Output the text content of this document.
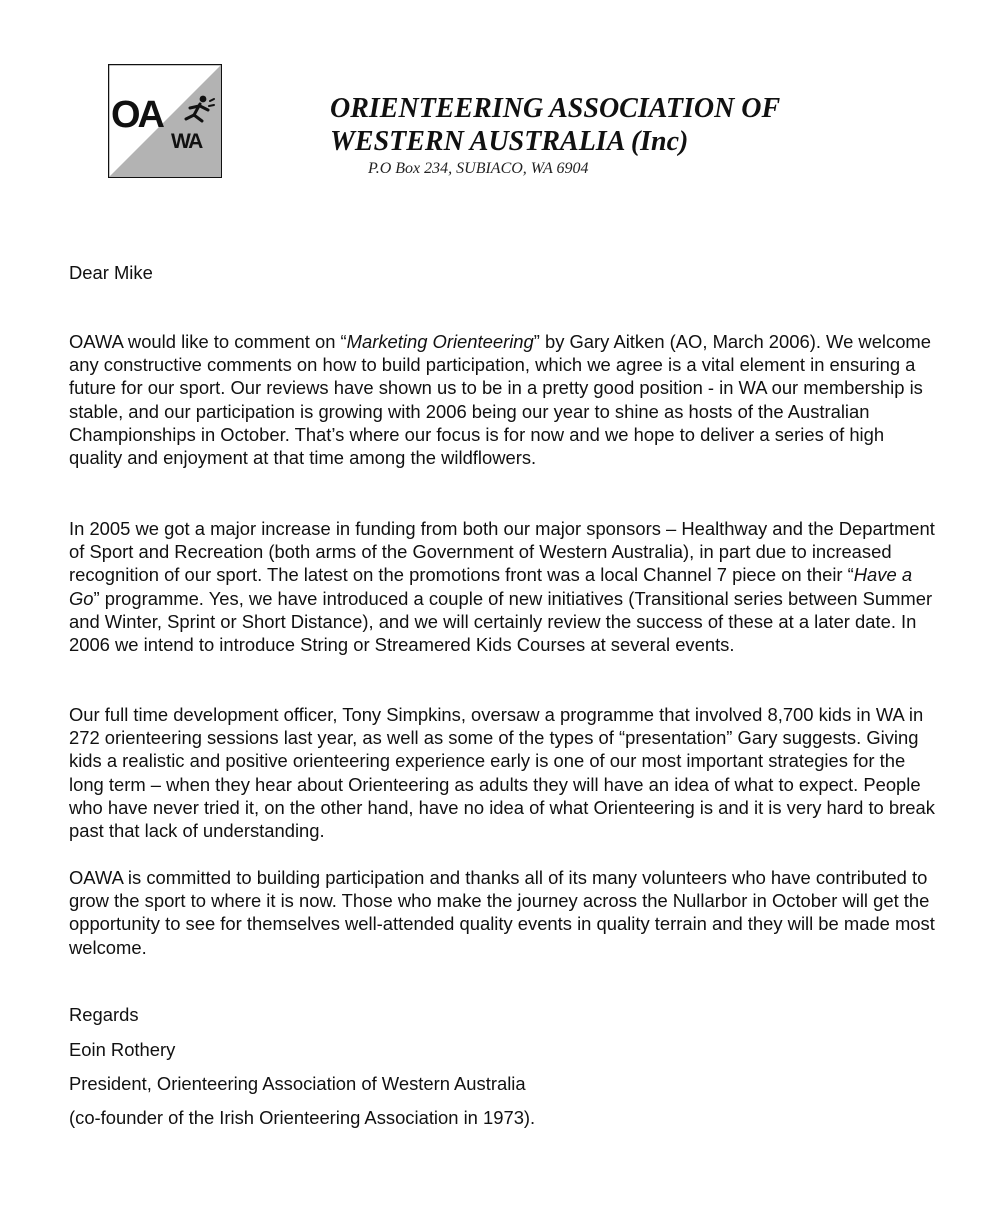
OA
WA

ORIENTEERING ASSOCIATION OF

WESTERN AUSTRALIA (Inc)

P.O Box 234, SUBIACO, WA 6904
Dear Mike

OAWA would like to comment on “Marketing Orienteering” by Gary Aitken (AO, March 2006). We welcome any constructive comments on how to build participation, which we agree is a vital element in ensuring a future for our sport. Our reviews have shown us to be in a pretty good position - in WA our membership is stable, and our participation is growing with 2006 being our year to shine as hosts of the Australian Championships in October. That’s where our focus is for now and we hope to deliver a series of high quality and enjoyment at that time among the wildflowers.

In 2005 we got a major increase in funding from both our major sponsors – Healthway and the Department of Sport and Recreation (both arms of the Government of Western Australia), in part due to increased recognition of our sport. The latest on the promotions front was a local Channel 7 piece on their “Have a Go” programme. Yes, we have introduced a couple of new initiatives (Transitional series between Summer and Winter, Sprint or Short Distance), and we will certainly review the success of these at a later date. In 2006 we intend to introduce String or Streamered Kids Courses at several events.

Our full time development officer, Tony Simpkins, oversaw a programme that involved 8,700 kids in WA in 272 orienteering sessions last year, as well as some of the types of “presentation” Gary suggests. Giving kids a realistic and positive orienteering experience early is one of our most important strategies for the long term – when they hear about Orienteering as adults they will have an idea of what to expect. People who have never tried it, on the other hand, have no idea of what Orienteering is and it is very hard to break past that lack of understanding.

OAWA is committed to building participation and thanks all of its many volunteers who have contributed to grow the sport to where it is now. Those who make the journey across the Nullarbor in October will get the opportunity to see for themselves well-attended quality events in quality terrain and they will be made most welcome.

Regards
Eoin Rothery
President, Orienteering Association of Western Australia
(co-founder of the Irish Orienteering Association in 1973).
